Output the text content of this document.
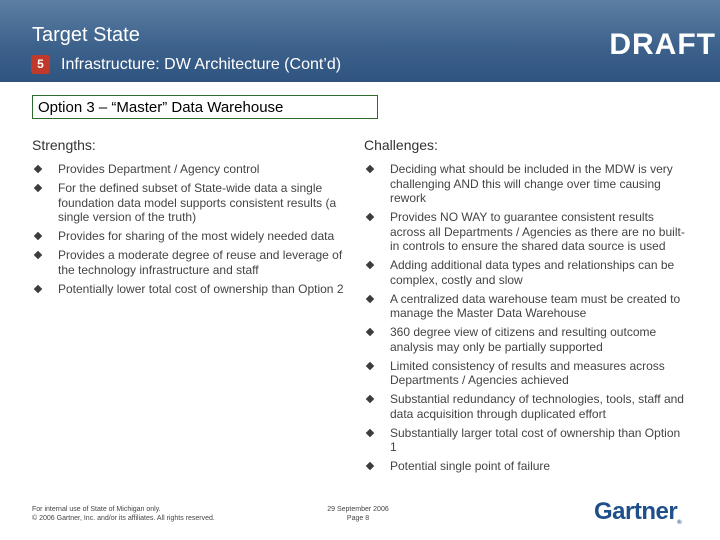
Target State
5	Infrastructure: DW Architecture (Cont’d)
DRAFT
Option 3 – “Master” Data Warehouse
Strengths:
Provides Department / Agency control
For the defined subset of State-wide data a single foundation data model supports consistent results (a single version of the truth)
Provides for sharing of the most widely needed data
Provides a moderate degree of reuse and leverage of the technology infrastructure and staff
Potentially lower total cost of ownership than Option 2
Challenges:
Deciding what should be included in the MDW is very challenging AND this will change over time causing rework
Provides NO WAY to guarantee consistent results across all Departments / Agencies as there are no built-in controls to ensure the shared data source is used
Adding additional data types and relationships can be complex, costly and slow
A centralized data warehouse team must be created to manage the Master Data Warehouse
360 degree view of citizens and resulting outcome analysis may only be partially supported
Limited consistency of results and measures across Departments / Agencies achieved
Substantial redundancy of technologies, tools, staff and data acquisition through duplicated effort
Substantially larger total cost of ownership than Option 1
Potential single point of failure
For internal use of State of Michigan only.
© 2006 Gartner, Inc. and/or its affiliates. All rights reserved.
29 September 2006
Page 8	Gartner®
